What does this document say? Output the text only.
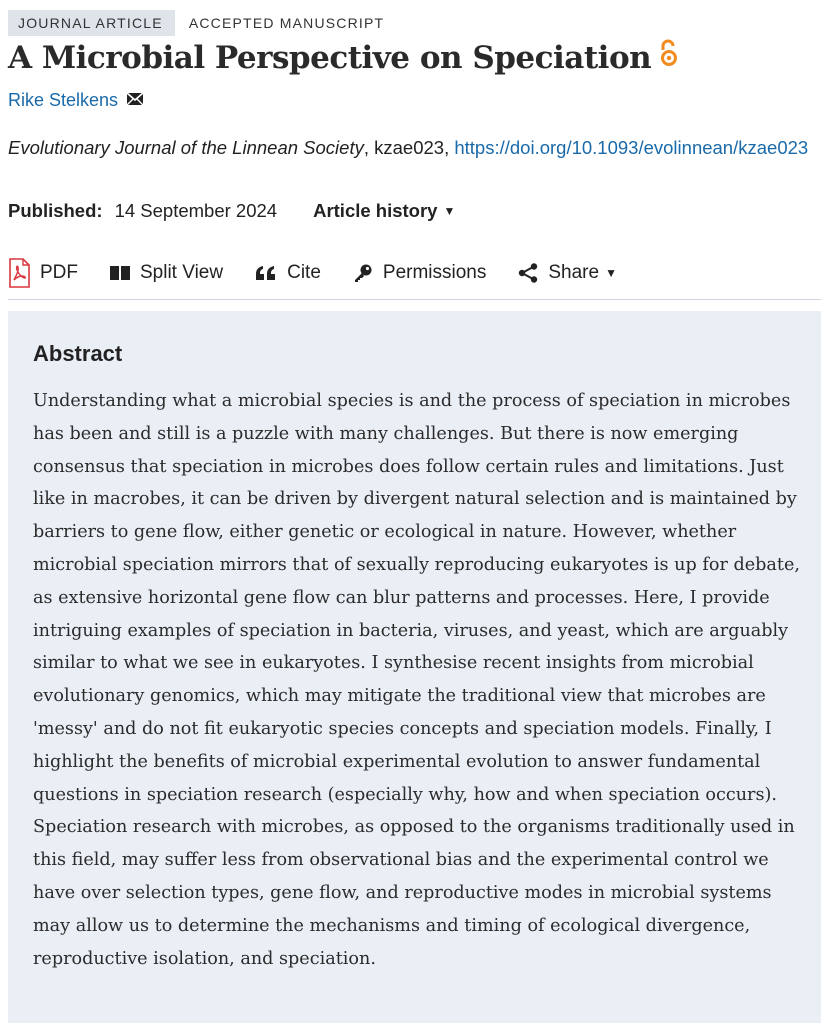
JOURNAL ARTICLE	ACCEPTED MANUSCRIPT
A Microbial Perspective on Speciation
Rike Stelkens
Evolutionary Journal of the Linnean Society, kzae023, https://doi.org/10.1093/evolinnean/kzae023
Published: 14 September 2024 Article history ▼
PDF	Split View	Cite	Permissions	Share ▼
Abstract
Understanding what a microbial species is and the process of speciation in microbes has been and still is a puzzle with many challenges. But there is now emerging consensus that speciation in microbes does follow certain rules and limitations. Just like in macrobes, it can be driven by divergent natural selection and is maintained by barriers to gene flow, either genetic or ecological in nature. However, whether microbial speciation mirrors that of sexually reproducing eukaryotes is up for debate, as extensive horizontal gene flow can blur patterns and processes. Here, I provide intriguing examples of speciation in bacteria, viruses, and yeast, which are arguably similar to what we see in eukaryotes. I synthesise recent insights from microbial evolutionary genomics, which may mitigate the traditional view that microbes are 'messy' and do not fit eukaryotic species concepts and speciation models. Finally, I highlight the benefits of microbial experimental evolution to answer fundamental questions in speciation research (especially why, how and when speciation occurs). Speciation research with microbes, as opposed to the organisms traditionally used in this field, may suffer less from observational bias and the experimental control we have over selection types, gene flow, and reproductive modes in microbial systems may allow us to determine the mechanisms and timing of ecological divergence, reproductive isolation, and speciation.
